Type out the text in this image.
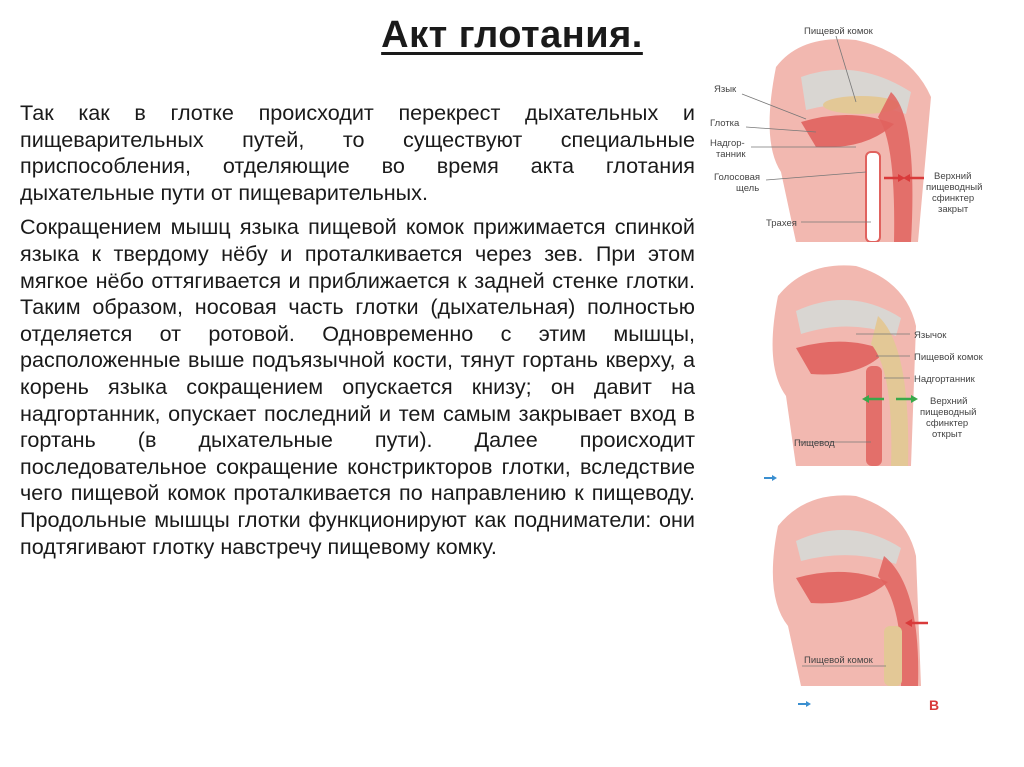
Акт глотания.

Так как в глотке происходит перекрест дыхательных и пищеварительных путей, то существуют специальные приспособления, отделяющие во время акта глотания дыхательные пути от пищеварительных.

Сокращением мышц языка пищевой комок прижимается спинкой языка к твердому нёбу и проталкивается через зев. При этом мягкое нёбо оттягивается и приближается к задней стенке глотки. Таким образом, носовая часть глотки (дыхательная) полностью отделяется от ротовой. Одновременно с этим мышцы, расположенные выше подъязычной кости, тянут гортань кверху, а корень языка сокращением опускается книзу; он давит на надгортанник, опускает последний и тем самым закрывает вход в гортань (в дыхательные пути). Далее происходит последовательное сокращение констрикторов глотки, вследствие чего пищевой комок проталкивается по направлению к пищеводу. Продольные мышцы глотки функционируют как подниматели: они подтягивают глотку навстречу пищевому комку.

Пищевой комок
Язык
Глотка
Надгор-
танник
Голосовая
щель
Трахея
Верхний
пищеводный
сфинктер
закрыт
Язычок
Пищевой комок
Надгортанник
Верхний
пищеводный
сфинктер
открыт
Пищевод
Пищевой комок
В
